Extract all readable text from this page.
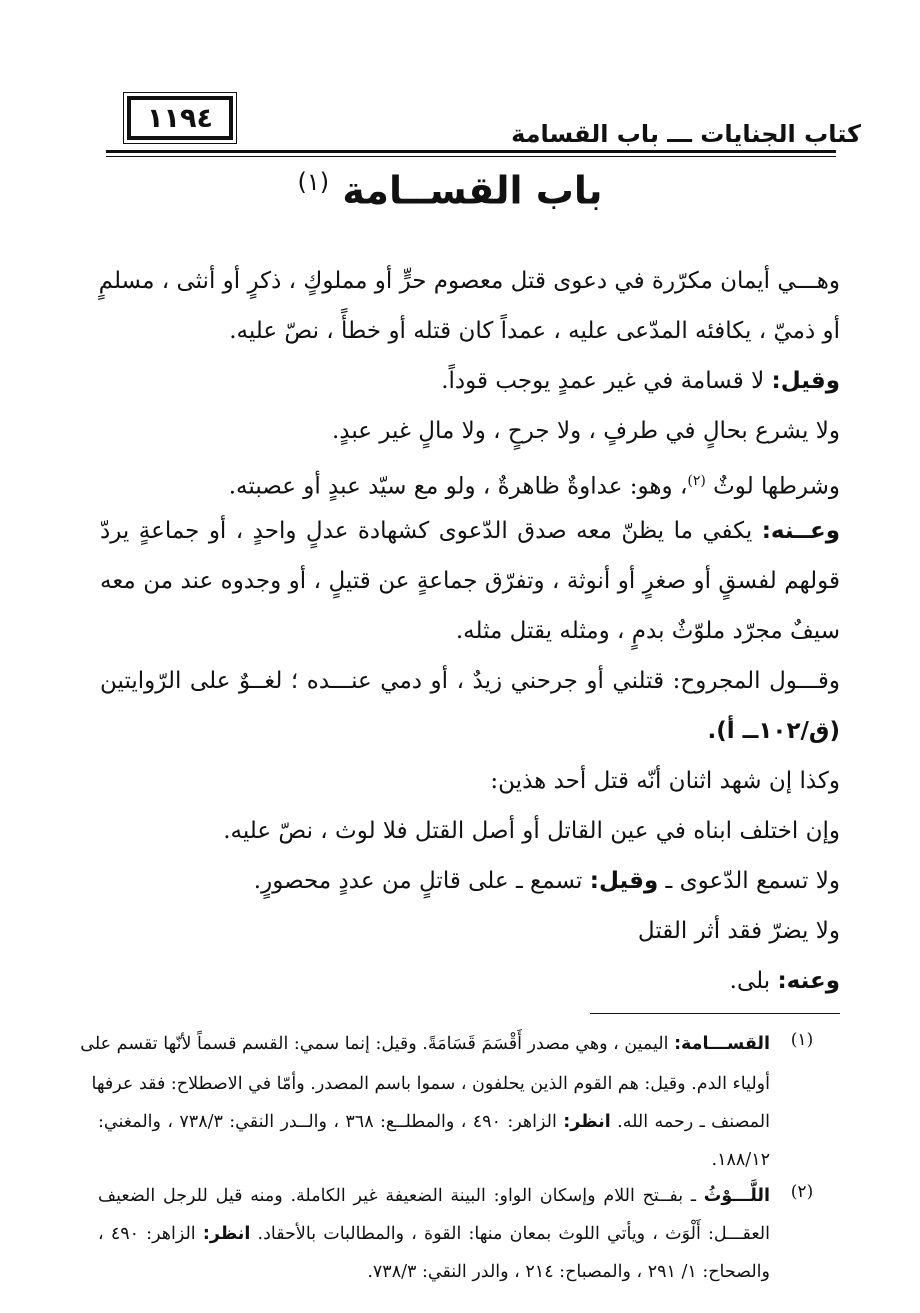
١١٩٤
كتاب الجنايات ـــ باب القسامة
باب القســامة $^{(١)}$
وهـــي أيمان مكرّرة في دعوى قتل معصوم حرٍّ أو مملوكٍ ، ذكرٍ أو أنثى ، مسلمٍ
أو ذميّ ، يكافئه المدّعى عليه ، عمداً كان قتله أو خطأً ، نصّ عليه.
وقيل: لا قسامة في غير عمدٍ يوجب قوداً.
ولا يشرع بحالٍ في طرفٍ ، ولا جرحٍ ، ولا مالٍ غير عبدٍ.
وشرطها لوثٌ $^{(٢)}$، وهو: عداوةٌ ظاهرةٌ ، ولو مع سيّد عبدٍ أو عصبته.
وعــنه: يكفي ما يظنّ معه صدق الدّعوى كشهادة عدلٍ واحدٍ ، أو جماعةٍ يردّ
قولهم لفسقٍ أو صغرٍ أو أنوثة ، وتفرّق جماعةٍ عن قتيلٍ ، أو وجدوه عند من معه
سيفٌ مجرّد ملوّثٌ بدمٍ ، ومثله يقتل مثله.
وقـــول المجروح: قتلني أو جرحني زيدٌ ، أو دمي عنـــده ؛ لغــوٌ على الرّوايتين
(ق/١٠٢ــ أ).
وكذا إن شهد اثنان أنّه قتل أحد هذين:
وإن اختلف ابناه في عين القاتل أو أصل القتل فلا لوث ، نصّ عليه.
ولا تسمع الدّعوى ـ وقيل: تسمع ـ على قاتلٍ من عددٍ محصورٍ.
ولا يضرّ فقد أثر القتل
وعنه: بلى.
(١)
القســـامة: اليمين ، وهي مصدر أَقْسَمَ قَسَامَةً. وقيل: إنما سمي: القسم قسماً لأنّها تقسم على
أولياء الدم. وقيل: هم القوم الذين يحلفون ، سموا باسم المصدر. وأمّا في الاصطلاح: فقد عرفها
المصنف ـ رحمه الله. انظر: الزاهر: ٤٩٠ ، والمطلــع: ٣٦٨ ، والــدر النقي: ٧٣٨/٣ ، والمغني:
١٨٨/١٢.
(٢)
اللَّـــوْثُ ـ بفــتح اللام وإسكان الواو: البينة الضعيفة غير الكاملة. ومنه قيل للرجل الضعيف
العقـــل: أَلْوَث ، ويأتي اللوث بمعان منها: القوة ، والمطالبات بالأحقاد. انظر: الزاهر: ٤٩٠ ،
والصحاح: ١/ ٢٩١ ، والمصباح: ٢١٤ ، والدر النقي: ٧٣٨/٣.
